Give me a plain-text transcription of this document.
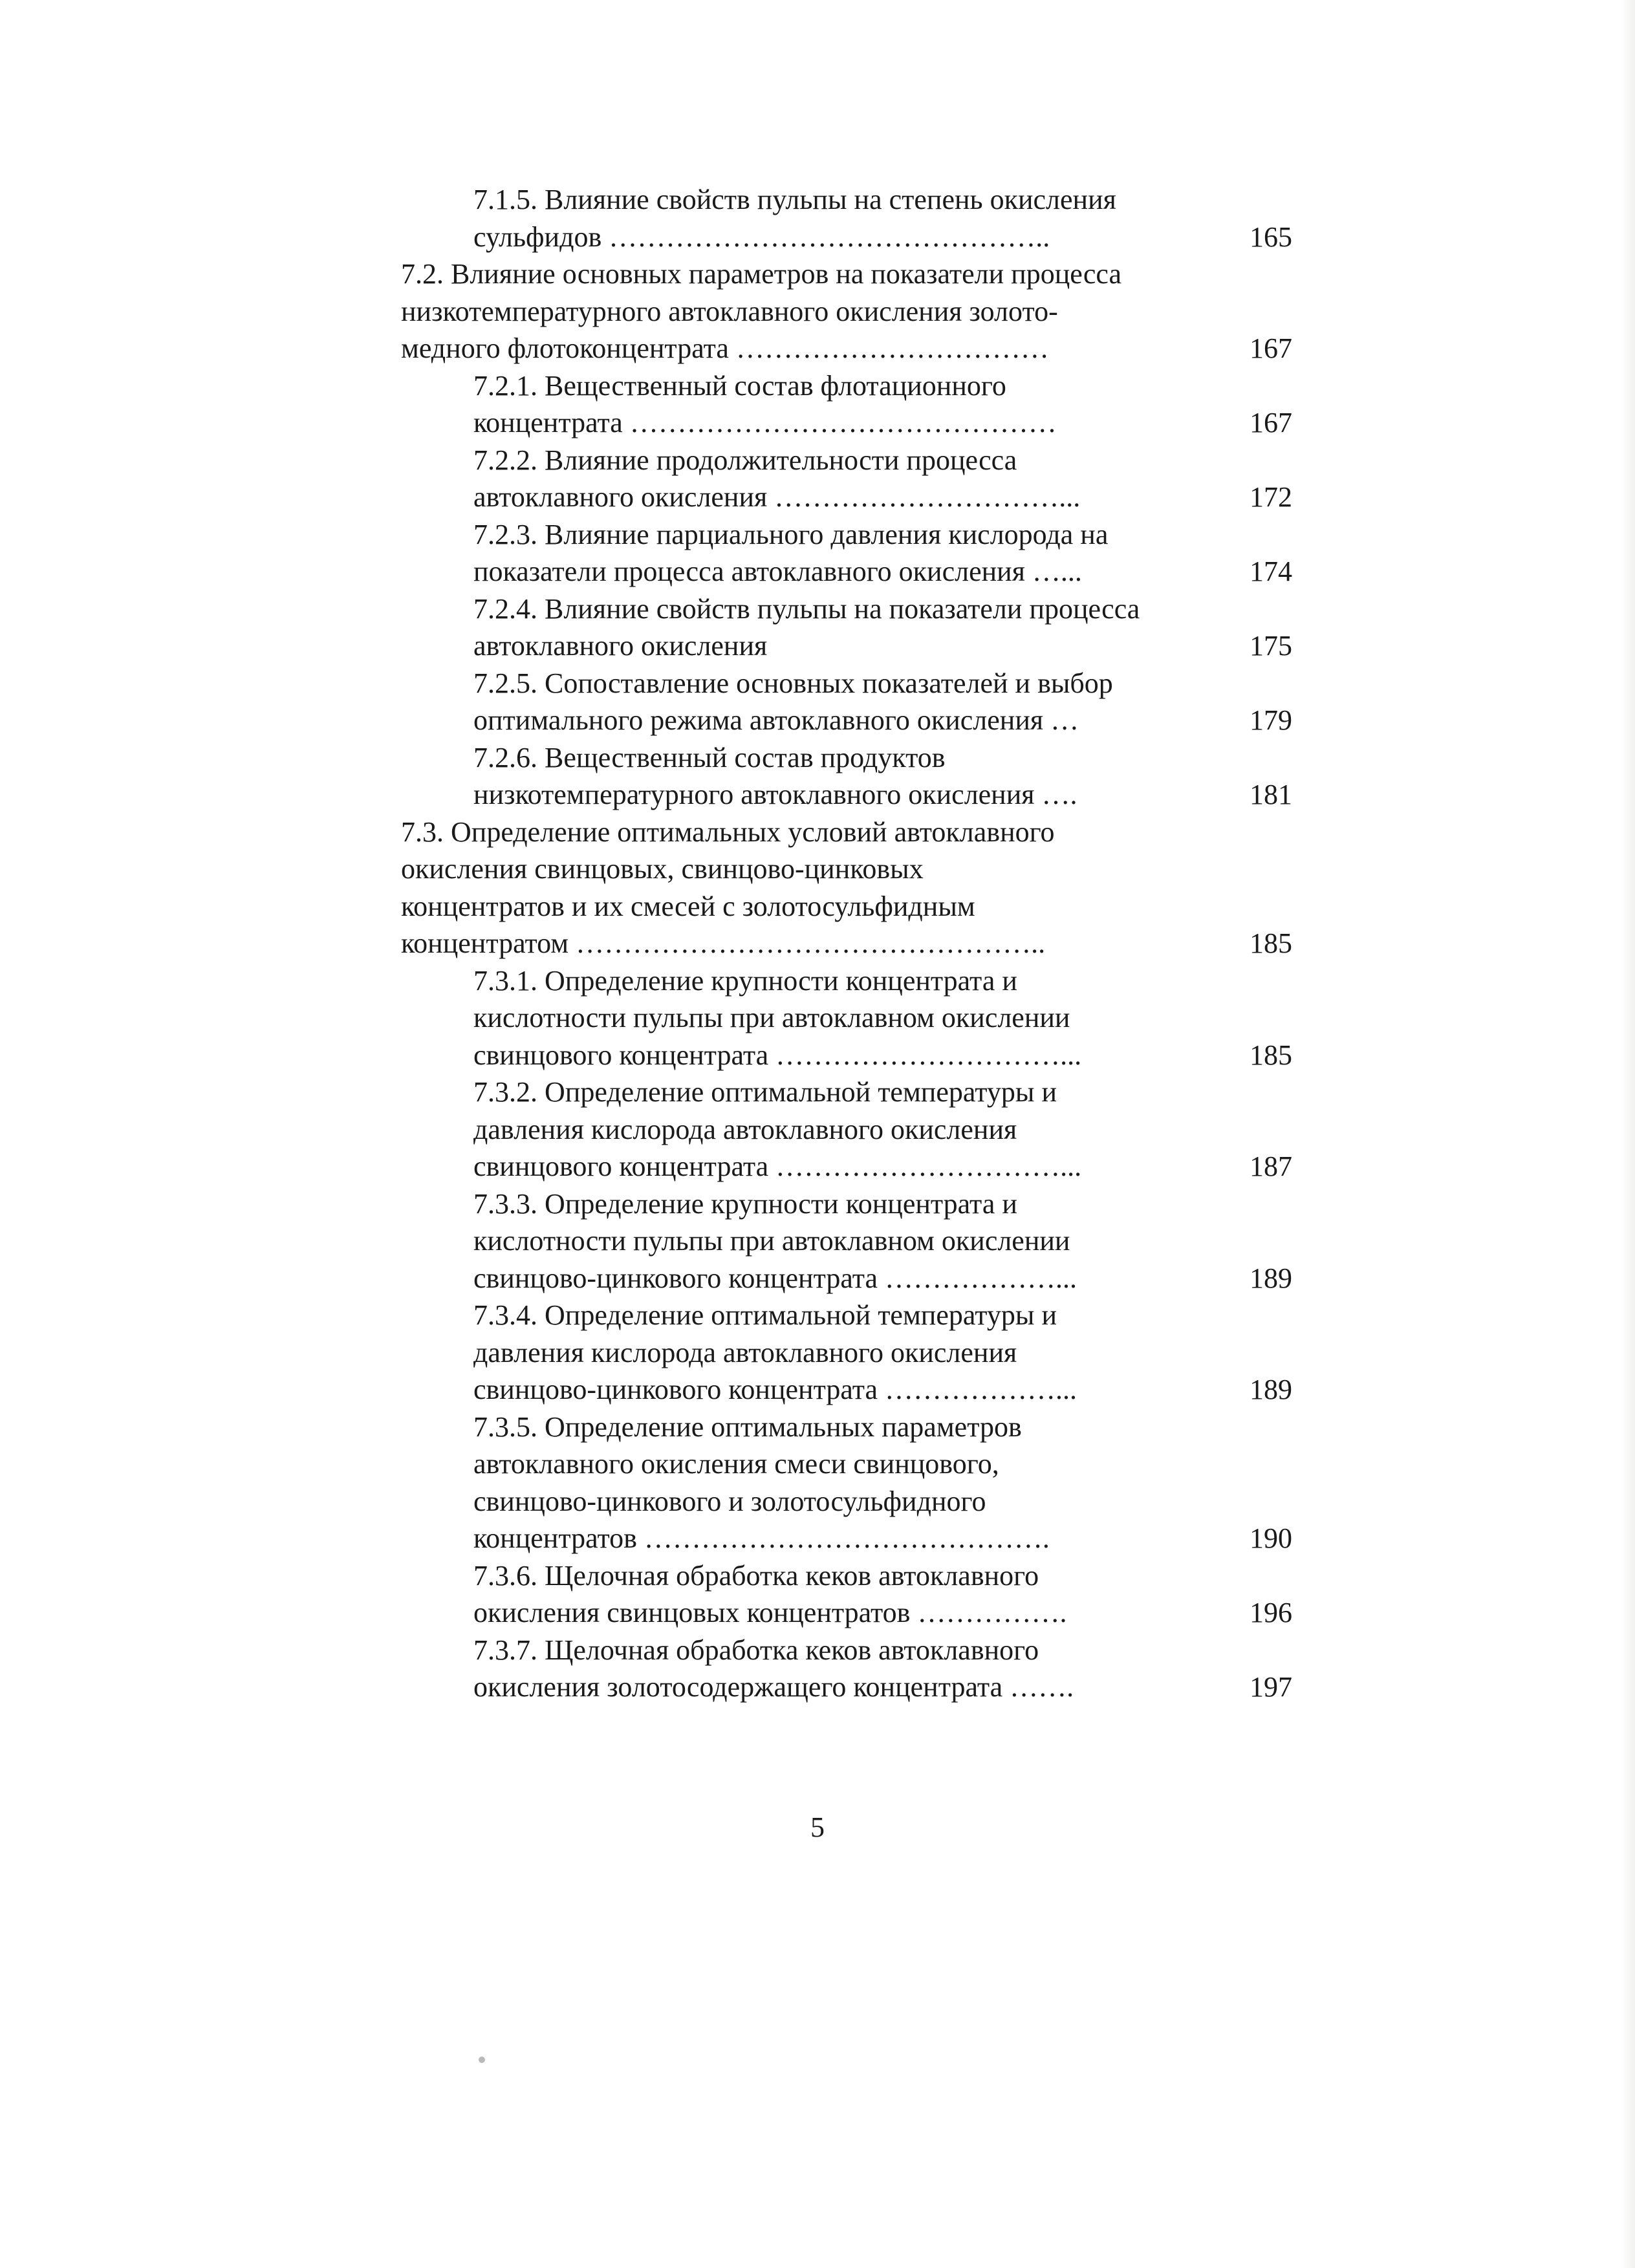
7.1.5. Влияние свойств пульпы на степень окисления
сульфидов ………………………………………..	165
7.2. Влияние основных параметров на показатели процесса
низкотемпературного автоклавного окисления золото-
медного флотоконцентрата ……………………………	167
7.2.1. Вещественный состав флотационного
концентрата ………………………………………	167
7.2.2. Влияние продолжительности процесса
автоклавного окисления …………………………...	172
7.2.3. Влияние парциального давления кислорода на
показатели процесса автоклавного окисления …...	174
7.2.4. Влияние свойств пульпы на показатели процесса
автоклавного окисления	175
7.2.5. Сопоставление основных показателей и выбор
оптимального режима автоклавного окисления …	179
7.2.6. Вещественный состав продуктов
низкотемпературного автоклавного окисления ….	181
7.3. Определение оптимальных условий автоклавного
окисления свинцовых, свинцово-цинковых
концентратов и их смесей с золотосульфидным
концентратом …………………………………………..	185
7.3.1. Определение крупности концентрата и
кислотности пульпы при автоклавном окислении
свинцового концентрата …………………………...	185
7.3.2. Определение оптимальной температуры и
давления кислорода автоклавного окисления
свинцового концентрата …………………………...	187
7.3.3. Определение крупности концентрата и
кислотности пульпы при автоклавном окислении
свинцово-цинкового концентрата ………………...	189
7.3.4. Определение оптимальной температуры и
давления кислорода автоклавного окисления
свинцово-цинкового концентрата ………………...	189
7.3.5. Определение оптимальных параметров
автоклавного окисления смеси свинцового,
свинцово-цинкового и золотосульфидного
концентратов …………………………………….	190
7.3.6. Щелочная обработка кеков автоклавного
окисления свинцовых концентратов …………….	196
7.3.7. Щелочная обработка кеков автоклавного
окисления золотосодержащего концентрата …….	197
5
